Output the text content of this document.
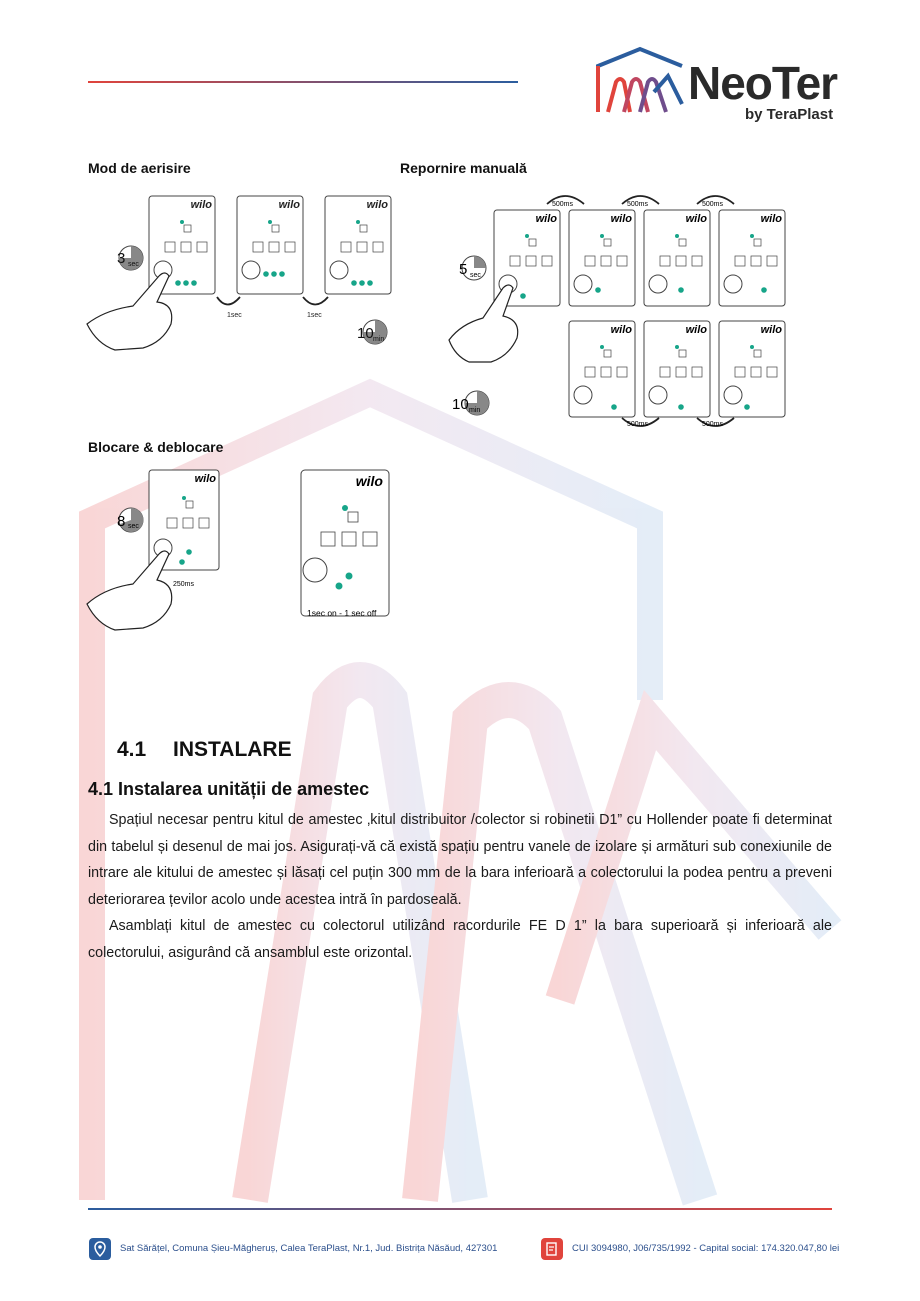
NeoTer
by TeraPlast
Mod de aerisire	Repornire manuală
Blocare & deblocare
wilo	wilo	wilo
1sec	1sec
3 sec
10 min
wilo	wilo	wilo	wilo
wilo	wilo	wilo
500ms	500ms	500ms
500ms	500ms
5 sec
10 min
wilo
250ms
wilo
1sec on - 1 sec off
8 sec
4.1 INSTALARE
4.1 Instalarea unității de amestec
Spațiul necesar pentru kitul de amestec ‚kitul distribuitor /colector si robinetii D1” cu Hollender poate fi determinat din tabelul și desenul de mai jos. Asigurați-vă că există spațiu pentru vanele de izolare și armături sub conexiunile de intrare ale kitului de amestec și lăsați cel puțin 300 mm de la bara inferioară a colectorului la podea pentru a preveni deteriorarea țevilor acolo unde acestea intră în pardoseală.
Asamblați kitul de amestec cu colectorul utilizând racordurile FE D 1” la bara superioară și inferioară ale colectorului, asigurând că ansamblul este orizontal.
Sat Sărățel, Comuna Șieu-Măgheruș, Calea TeraPlast, Nr.1, Jud. Bistrița Năsăud, 427301	CUI 3094980, J06/735/1992 - Capital social: 174.320.047,80 lei
